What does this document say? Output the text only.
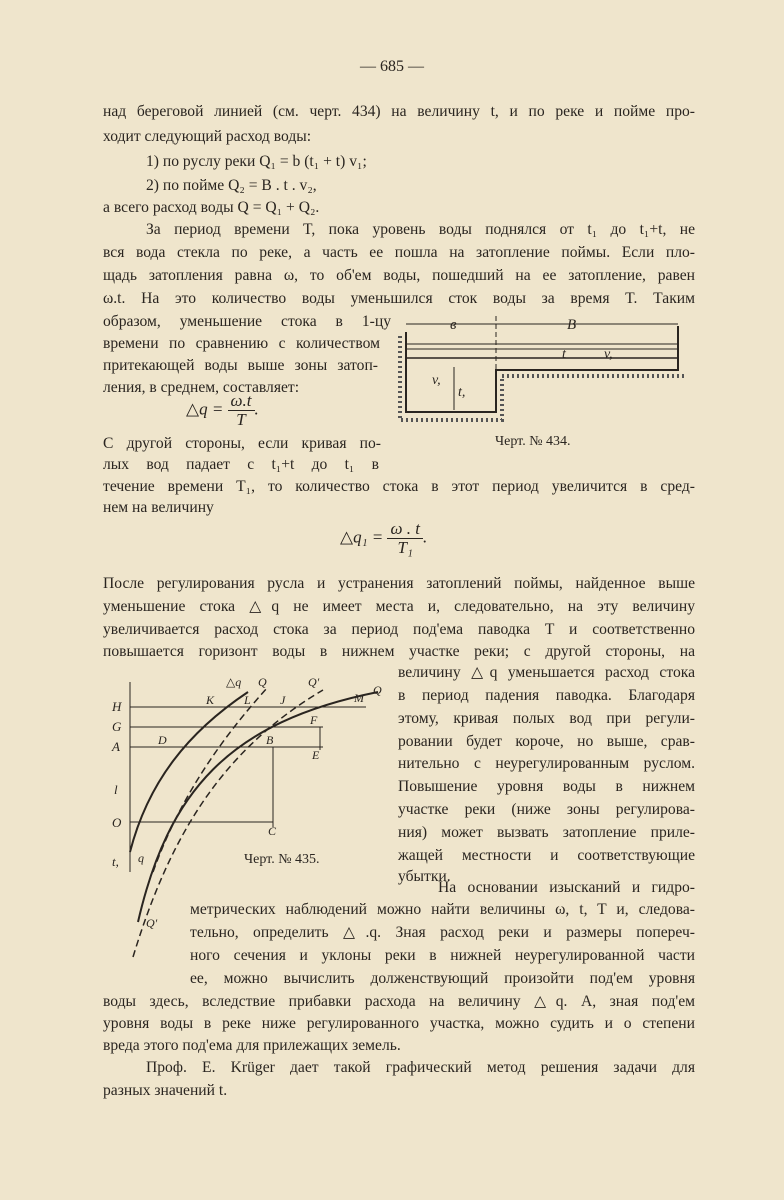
— 685 —
над береговой линией (см. черт. 434) на величину t, и по реке и пойме про-
ходит следующий расход воды:
1) по руслу реки Q₁ = b (t₁ + t) v₁;
2) по пойме Q₂ = B . t . v₂,
а всего расход воды Q = Q₁ + Q₂.
За период времени T, пока уровень воды поднялся от t₁ до t₁+t, не
вся вода стекла по реке, а часть ее пошла на затопление поймы. Если пло-
щадь затопления равна ω, то об'ем воды, пошедший на ее затопление, равен
ω.t. На это количество воды уменьшился сток воды за время T. Таким
образом, уменьшение стока в 1-цу
времени по сравнению с количеством
притекающей воды выше зоны затоп-
ления, в среднем, составляет:
△q = $\frac{\omega.t}{T}$ .
С другой стороны, если кривая по-
лых вод падает с t₁+t до t₁ в
течение времени T₁, то количество стока в этот период увеличится в сред-
нем на величину
△q₁ = $\frac{\omega . t}{\text{T₁}}$ .
После регулирования русла и устранения затоплений поймы, найденное выше
уменьшение стока △q не имеет места и, следовательно, на эту величину
увеличивается расход стока за период под'ема паводка T и соответственно
повышается горизонт воды в нижнем участке реки; с другой стороны, на
величину △q уменьшается расход стока
в период падения паводка. Благодаря
этому, кривая полых вод при регули-
ровании будет короче, но выше, срав-
нительно с неурегулированным руслом.
Повышение уровня воды в нижнем
участке реки (ниже зоны регулирова-
ния) может вызвать затопление приле-
жащей местности и соответствующие
убытки.
На основании изысканий и гидро-
метрических наблюдений можно найти величины ω, t, T и, следова-
тельно, определить △.q. Зная расход реки и размеры попереч-
ного сечения и уклоны реки в нижней неурегулированной части
ее, можно вычислить долженствующий произойти под'ем уровня
воды здесь, вследствие прибавки расхода на величину △q. А, зная под'ем
уровня воды в реке ниже регулированного участка, можно судить и о степени
вреда этого под'ема для прилежащих земель.
Проф. E. Krüger дает такой графический метод решения задачи для
разных значений t.
в	B
t	v,
v,
t,
Черт. № 434.
H
G
A
l
O
t,
△q Q	Q'
Q
K L J	M
D
F
B
E
C
q
Q'
Черт. № 435.
